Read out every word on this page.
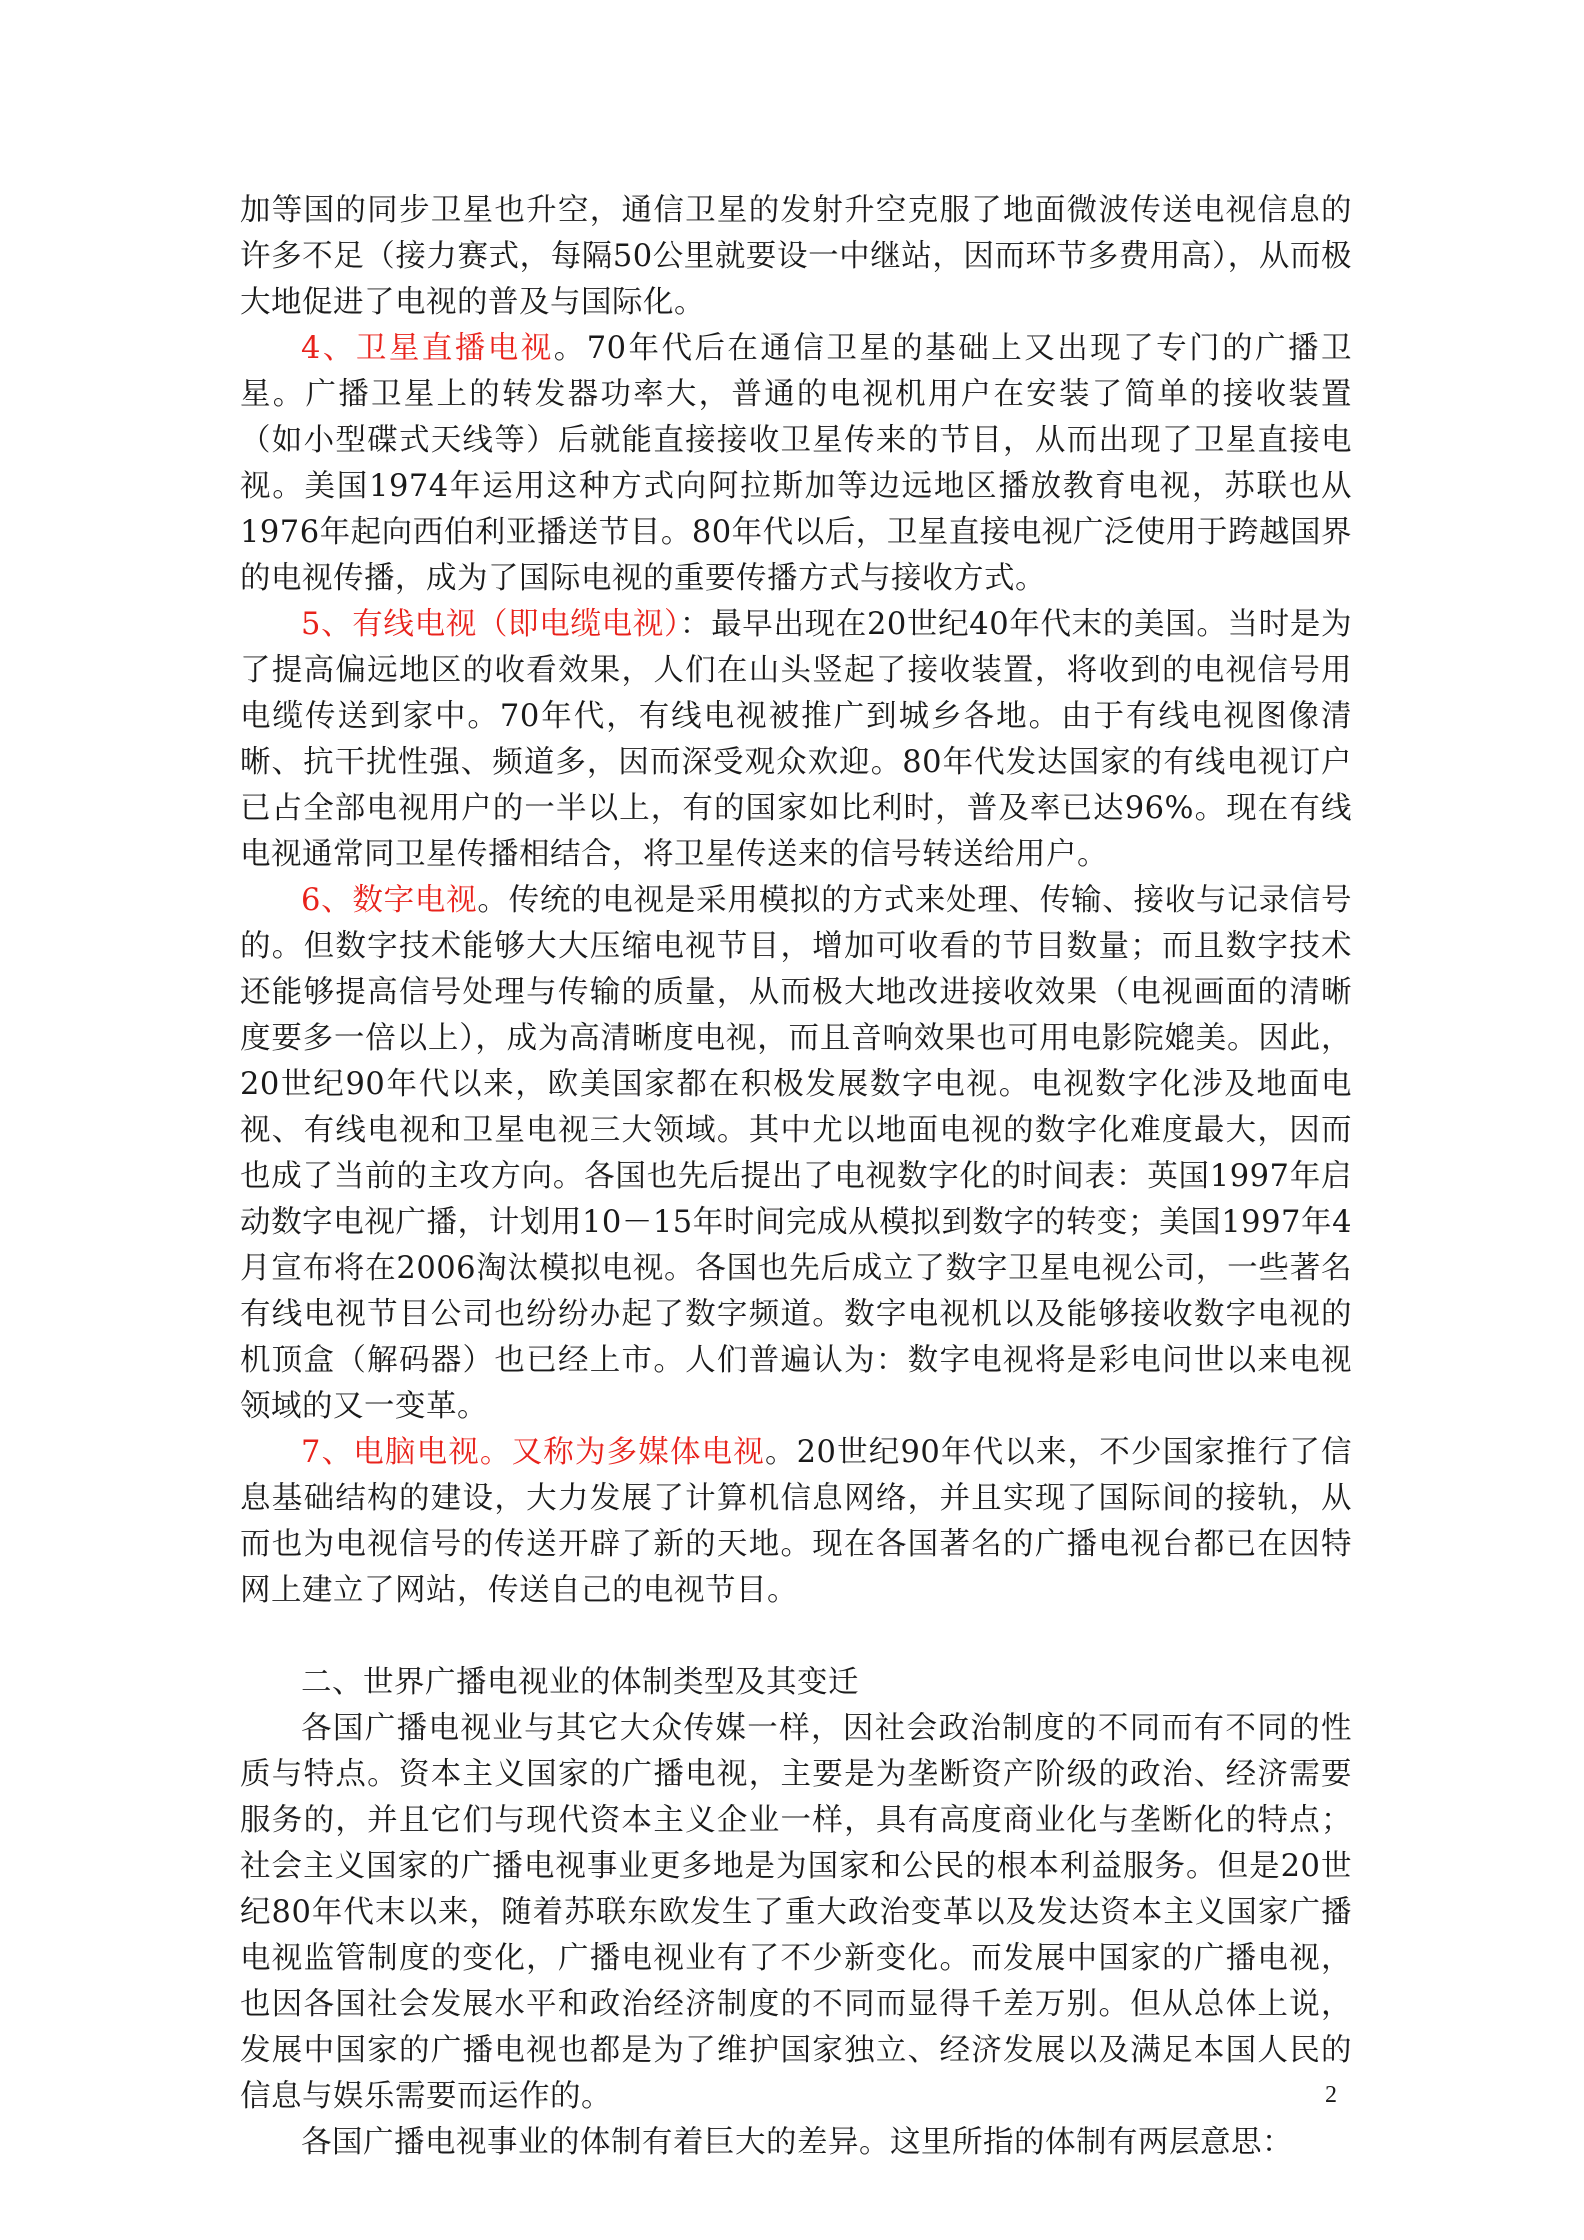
加等国的同步卫星也升空，通信卫星的发射升空克服了地面微波传送电视信息的许多不足（接力赛式，每隔50公里就要设一中继站，因而环节多费用高），从而极大地促进了电视的普及与国际化。

4、卫星直播电视。70年代后在通信卫星的基础上又出现了专门的广播卫星。广播卫星上的转发器功率大，普通的电视机用户在安装了简单的接收装置（如小型碟式天线等）后就能直接接收卫星传来的节目，从而出现了卫星直接电视。美国1974年运用这种方式向阿拉斯加等边远地区播放教育电视，苏联也从1976年起向西伯利亚播送节目。80年代以后，卫星直接电视广泛使用于跨越国界的电视传播，成为了国际电视的重要传播方式与接收方式。

5、有线电视（即电缆电视）：最早出现在20世纪40年代末的美国。当时是为了提高偏远地区的收看效果，人们在山头竖起了接收装置，将收到的电视信号用电缆传送到家中。70年代，有线电视被推广到城乡各地。由于有线电视图像清晰、抗干扰性强、频道多，因而深受观众欢迎。80年代发达国家的有线电视订户已占全部电视用户的一半以上，有的国家如比利时，普及率已达96%。现在有线电视通常同卫星传播相结合，将卫星传送来的信号转送给用户。

6、数字电视。传统的电视是采用模拟的方式来处理、传输、接收与记录信号的。但数字技术能够大大压缩电视节目，增加可收看的节目数量；而且数字技术还能够提高信号处理与传输的质量，从而极大地改进接收效果（电视画面的清晰度要多一倍以上），成为高清晰度电视，而且音响效果也可用电影院媲美。因此，20世纪90年代以来，欧美国家都在积极发展数字电视。电视数字化涉及地面电视、有线电视和卫星电视三大领域。其中尤以地面电视的数字化难度最大，因而也成了当前的主攻方向。各国也先后提出了电视数字化的时间表：英国1997年启动数字电视广播，计划用10－15年时间完成从模拟到数字的转变；美国1997年4月宣布将在2006淘汰模拟电视。各国也先后成立了数字卫星电视公司，一些著名有线电视节目公司也纷纷办起了数字频道。数字电视机以及能够接收数字电视的机顶盒（解码器）也已经上市。人们普遍认为：数字电视将是彩电问世以来电视领域的又一变革。

7、电脑电视。又称为多媒体电视。20世纪90年代以来，不少国家推行了信息基础结构的建设，大力发展了计算机信息网络，并且实现了国际间的接轨，从而也为电视信号的传送开辟了新的天地。现在各国著名的广播电视台都已在因特网上建立了网站，传送自己的电视节目。

二、世界广播电视业的体制类型及其变迁

各国广播电视业与其它大众传媒一样，因社会政治制度的不同而有不同的性质与特点。资本主义国家的广播电视，主要是为垄断资产阶级的政治、经济需要服务的，并且它们与现代资本主义企业一样，具有高度商业化与垄断化的特点；社会主义国家的广播电视事业更多地是为国家和公民的根本利益服务。但是20世纪80年代末以来，随着苏联东欧发生了重大政治变革以及发达资本主义国家广播电视监管制度的变化，广播电视业有了不少新变化。而发展中国家的广播电视，也因各国社会发展水平和政治经济制度的不同而显得千差万别。但从总体上说，发展中国家的广播电视也都是为了维护国家独立、经济发展以及满足本国人民的信息与娱乐需要而运作的。

各国广播电视事业的体制有着巨大的差异。这里所指的体制有两层意思：

2
